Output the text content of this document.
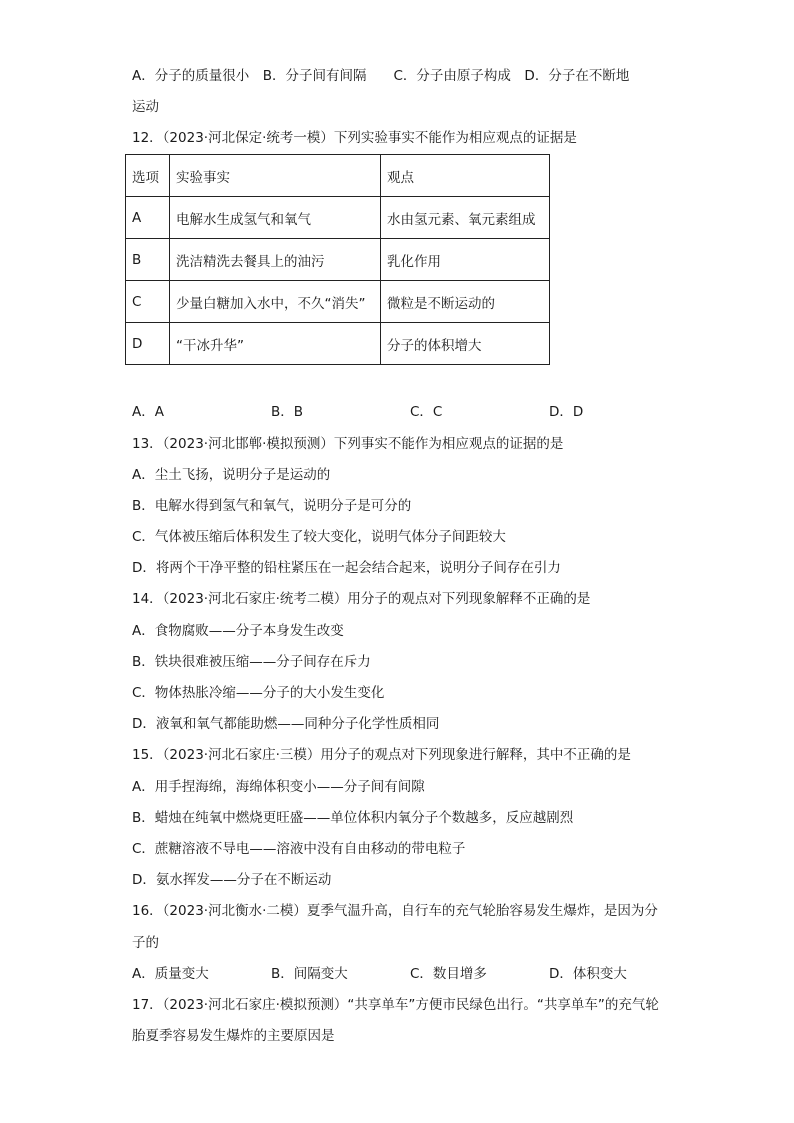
A．分子的质量很小　B．分子间有间隔　　C．分子由原子构成　D．分子在不断地
运动
12．（2023·河北保定·统考一模）下列实验事实不能作为相应观点的证据是
选项	实验事实	观点
A	电解水生成氢气和氧气	水由氢元素、氧元素组成
B	洗洁精洗去餐具上的油污	乳化作用
C	少量白糖加入水中，不久“消失”	微粒是不断运动的
D	“干冰升华”	分子的体积增大
A．A	B．B	C．C	D．D
13．（2023·河北邯郸·模拟预测）下列事实不能作为相应观点的证据的是
A．尘土飞扬，说明分子是运动的
B．电解水得到氢气和氧气，说明分子是可分的
C．气体被压缩后体积发生了较大变化，说明气体分子间距较大
D．将两个干净平整的铅柱紧压在一起会结合起来，说明分子间存在引力
14．（2023·河北石家庄·统考二模）用分子的观点对下列现象解释不正确的是
A．食物腐败——分子本身发生改变
B．铁块很难被压缩——分子间存在斥力
C．物体热胀冷缩——分子的大小发生变化
D．液氧和氧气都能助燃——同种分子化学性质相同
15．（2023·河北石家庄·三模）用分子的观点对下列现象进行解释，其中不正确的是
A．用手捏海绵，海绵体积变小——分子间有间隙
B．蜡烛在纯氧中燃烧更旺盛——单位体积内氧分子个数越多，反应越剧烈
C．蔗糖溶液不导电——溶液中没有自由移动的带电粒子
D．氨水挥发——分子在不断运动
16．（2023·河北衡水·二模）夏季气温升高，自行车的充气轮胎容易发生爆炸，是因为分
子的
A．质量变大	B．间隔变大	C．数目增多	D．体积变大
17．（2023·河北石家庄·模拟预测）“共享单车”方便市民绿色出行。“共享单车”的充气轮
胎夏季容易发生爆炸的主要原因是
